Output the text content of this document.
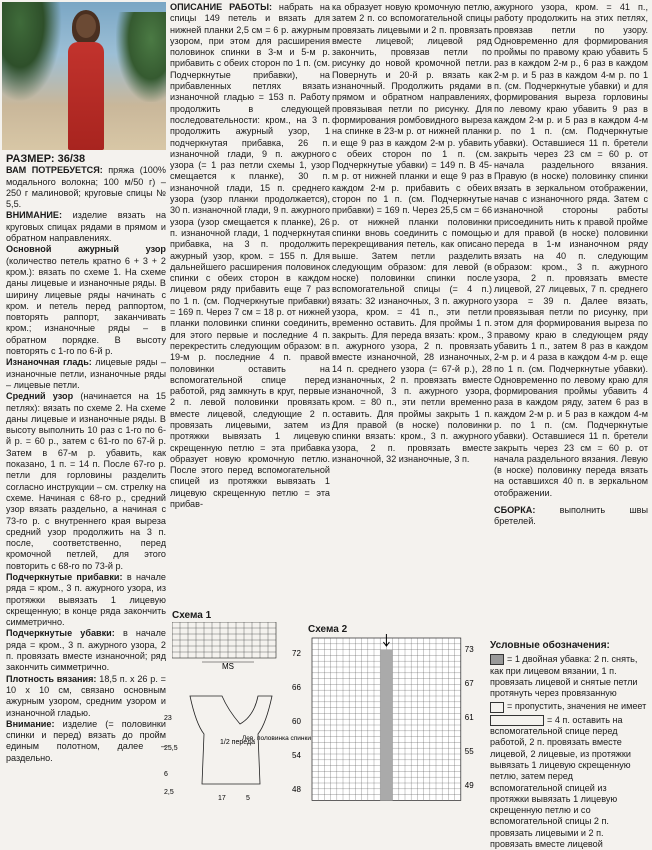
РАЗМЕР: 36/38

ВАМ ПОТРЕБУЕТСЯ: пряжа (100% модального волокна; 100 м/50 г) – 250 г малиновой; круговые спицы № 5,5.

ВНИМАНИЕ: изделие вязать на круговых спицах рядами в прямом и обратном направлениях.

Основной ажурный узор (количество петель кратно 6 + 3 + 2 кром.): вязать по схеме 1. На схеме даны лицевые и изнаночные ряды. В ширину лицевые ряды начинать с кром. и петель перед раппортом, повторять раппорт, заканчивать кром.; изнаночные ряды – в обратном порядке. В высоту повторять с 1-го по 6-й р.

Изнаночная гладь: лицевые ряды – изнаночные петли, изнаночные ряды – лицевые петли.

Средний узор (начинается на 15 петлях): вязать по схеме 2. На схеме даны лицевые и изнаночные ряды. В высоту выполнить 10 раз с 1-го по 6-й р. = 60 р., затем с 61-го по 67-й р. Затем в 67-м р. убавить, как показано, 1 п. = 14 п. После 67-го р. петли для горловины разделить согласно инструкции – см. стрелку на схеме. Начиная с 68-го р., средний узор вязать раздельно, а начиная с 73-го р. с внутреннего края выреза средний узор продолжить на 3 п. после, соответственно, перед кромочной петлей, для этого повторить с 68-го по 73-й р.

Подчеркнутые прибавки: в начале ряда = кром., 3 п. ажурного узора, из протяжки вывязать 1 лицевую скрещенную; в конце ряда закончить симметрично.

Подчеркнутые убавки: в начале ряда = кром., 3 п. ажурного узора, 2 п. провязать вместе изнаночной; ряд закончить симметрично.

Плотность вязания: 18,5 п. x 26 р. = 10 x 10 см, связано основным ажурным узором, средним узором и изнаночной гладью.

Внимание: изделие (= половинки спинки и перед) вязать до пройм единым полотном, далее – раздельно.

ОПИСАНИЕ РАБОТЫ: набрать на спицы 149 петель и вязать для нижней планки 2,5 см = 6 р. ажурным узором, при этом для расширения половинок спинки в 3-м и 5-м р. прибавить с обеих сторон по 1 п. (см. Подчеркнутые прибавки), на прибавленных петлях вязать изнаночной гладью = 153 п. Работу продолжить в следующей последовательности: кром., на 3 п. продолжить ажурный узор, 1 подчеркнутая прибавка, 26 п. изнаночной глади, 9 п. ажурного узора (= 1 раз петли схемы 1, узор смещается к планке), 30 п. изнаночной глади, 15 п. среднего узора (узор планки продолжается), 30 п. изнаночной глади, 9 п. ажурного узора (узор смещается к планке), 26 п. изнаночной глади, 1 подчеркнутая прибавка, на 3 п. продолжить ажурный узор, кром. = 155 п. Для дальнейшего расширения половинок спинки с обеих сторон в каждом лицевом ряду прибавить еще 7 раз по 1 п. (см. Подчеркнутые прибавки) = 169 п. Через 7 см = 18 р. от нижней планки половинки спинки соединить, для этого первые и последние 4 п. перекрестить следующим образом: в 19-м р. последние 4 п. правой половинки оставить на вспомогательной спице перед работой, ряд замкнуть в круг, первые 2 п. левой половинки провязать вместе лицевой, следующие 2 п. провязать лицевыми, затем из протяжки вывязать 1 лицевую скрещенную петлю = эта прибавка образует новую кромочную петлю. После этого перед вспомогательной спицей из протяжки вывязать 1 лицевую скрещенную петлю = эта прибав-

ка образует новую кромочную петлю, затем 2 п. со вспомогательной спицы провязать лицевыми и 2 п. провязать вместе лицевой; лицевой ряд закончить, провязав петли по рисунку до новой кромочной петли. Повернуть и 20-й р. вязать как изнаночный. Продолжить рядами в прямом и обратном направлениях, провязывая петли по рисунку. Для формирования ромбовидного выреза на спинке в 23-м р. от нижней планки и еще 9 раз в каждом 2-м р. убавить с обеих сторон по 1 п. (см. Подчеркнутые убавки) = 149 п. В 45-м р. от нижней планки и еще 9 раз в каждом 2-м р. прибавить с обеих сторон по 1 п. (см. Подчеркнутые прибавки) = 169 п. Через 25,5 см = 66 р. от нижней планки половинки спинки вновь соединить с помощью перекрещивания петель, как описано выше. Затем петли разделить следующим образом: для левой (в носке) половинки спинки после вспомогательной спицы (= 4 п.) вязать: 32 изнаночных, 3 п. ажурного узора, кром. = 41 п., эти петли временно оставить. Для проймы 1 п. закрыть. Для переда вязать: кром., 3 п. ажурного узора, 2 п. провязать вместе изнаночной, 28 изнаночных, 14 п. среднего узора (= 67-й р.), 28 изнаночных, 2 п. провязать вместе изнаночной, 3 п. ажурного узора, кром. = 80 п., эти петли временно оставить. Для проймы закрыть 1 п. Для правой (в носке) половинки спинки вязать: кром., 3 п. ажурного узора, 2 п. провязать вместе изнаночной, 32 изнаночные, 3 п.

ажурного узора, кром. = 41 п., работу продолжить на этих петлях, провязав петли по узору. Одновременно для формирования проймы по правому краю убавить 5 раз в каждом 2-м р., 6 раз в каждом 2-м р. и 5 раз в каждом 4-м р. по 1 п. (см. Подчеркнутые убавки) и для формирования выреза горловины по левому краю убавить 9 раз в каждом 2-м р. и 5 раз в каждом 4-м р. по 1 п. (см. Подчеркнутые убавки). Оставшиеся 11 п. бретели закрыть через 23 см = 60 р. от начала раздельного вязания. Правую (в носке) половинку спинки вязать в зеркальном отображении, начав с изнаночного ряда. Затем с изнаночной стороны работы присоединить нить к правой проймe и для правой (в носке) половинки переда в 1-м изнаночном ряду вязать на 40 п. следующим образом: кром., 3 п. ажурного узора, 2 п. провязать вместе лицевой, 27 лицевых, 7 п. среднего узора = 39 п. Далее вязать, провязывая петли по рисунку, при этом для формирования выреза по правому краю в следующем ряду убавить 1 п., затем 8 раз в каждом 2-м р. и 4 раза в каждом 4-м р. еще по 1 п. (см. Подчеркнутые убавки). Одновременно по левому краю для формирования проймы убавить 4 раза в каждом ряду, затем 6 раз в каждом 2-м р. и 5 раз в каждом 4-м р. по 1 п. (см. Подчеркнутые убавки). Оставшиеся 11 п. бретели закрыть через 23 см = 60 р. от начала раздельного вязания. Левую (в носке) половинку переда вязать на оставшихся 40 п. в зеркальном отображении.

СБОРКА: выполнить швы бретелей.

Схема 1
MS
1/2 переда
Лев. половинка спинки
23
25,5
6
2,5
17	5
Схема 2
72
66
60
54
48
73
67
61
55
49
Условные обозначения:

= 1 двойная убавка: 2 п. снять, как при лицевом вязании, 1 п. провязать лицевой и снятые петли протянуть через провязанную

= пропустить, значения не имеет

= 4 п. оставить на вспомогательной спице перед работой, 2 п. провязать вместе лицевой, 2 лицевые, из протяжки вывязать 1 лицевую скрещенную петлю, затем перед вспомогательной спицей из протяжки вывязать 1 лицевую скрещенную петлю и со вспомогательной спицы 2 п. провязать лицевыми и 2 п. провязать вместе лицевой
